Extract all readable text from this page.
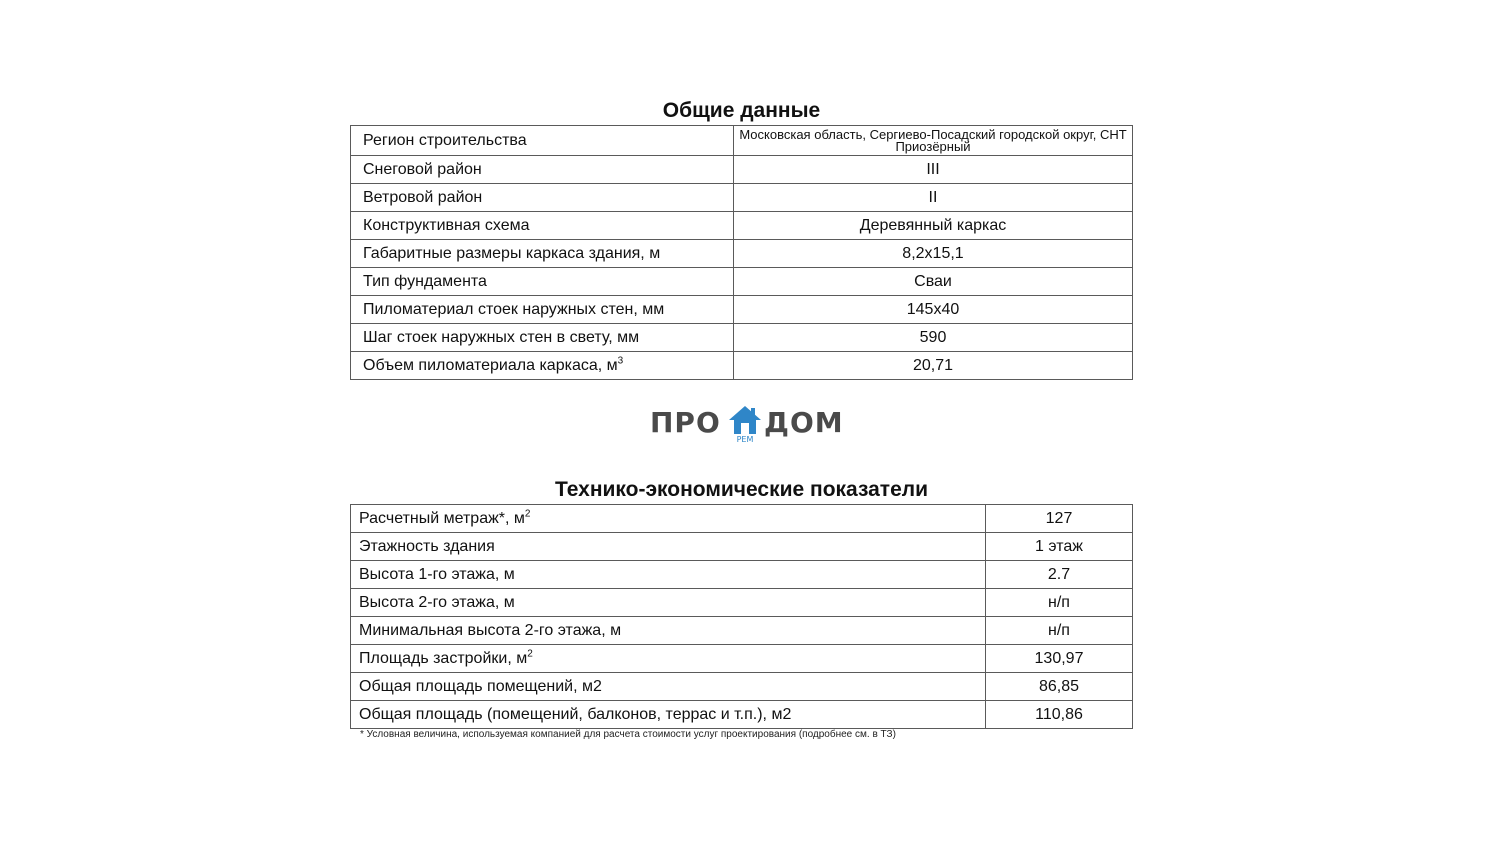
Общие данные
Регион строительства	Московская область, Сергиево-Посадский городской округ, СНТ Приозёрный
Снеговой район	III
Ветровой район	II
Конструктивная схема	Деревянный каркас
Габаритные размеры каркаса здания, м	8,2х15,1
Тип фундамента	Сваи
Пиломатериал стоек наружных стен, мм	145х40
Шаг стоек наружных стен в свету, мм	590
Объем пиломатериала каркаса, $м^3$	20,71
ПРО
РЕМ
ДОМ
Технико-экономические показатели
Расчетный метраж*, $м^2$	127
Этажность здания	1 этаж
Высота 1-го этажа, м	2.7
Высота 2-го этажа, м	н/п
Минимальная высота 2-го этажа, м	н/п
Площадь застройки, $м^2$	130,97
Общая площадь помещений, м2	86,85
Общая площадь (помещений, балконов, террас и т.п.), м2	110,86
* Условная величина, используемая компанией для расчета стоимости услуг проектирования (подробнее см. в ТЗ)
